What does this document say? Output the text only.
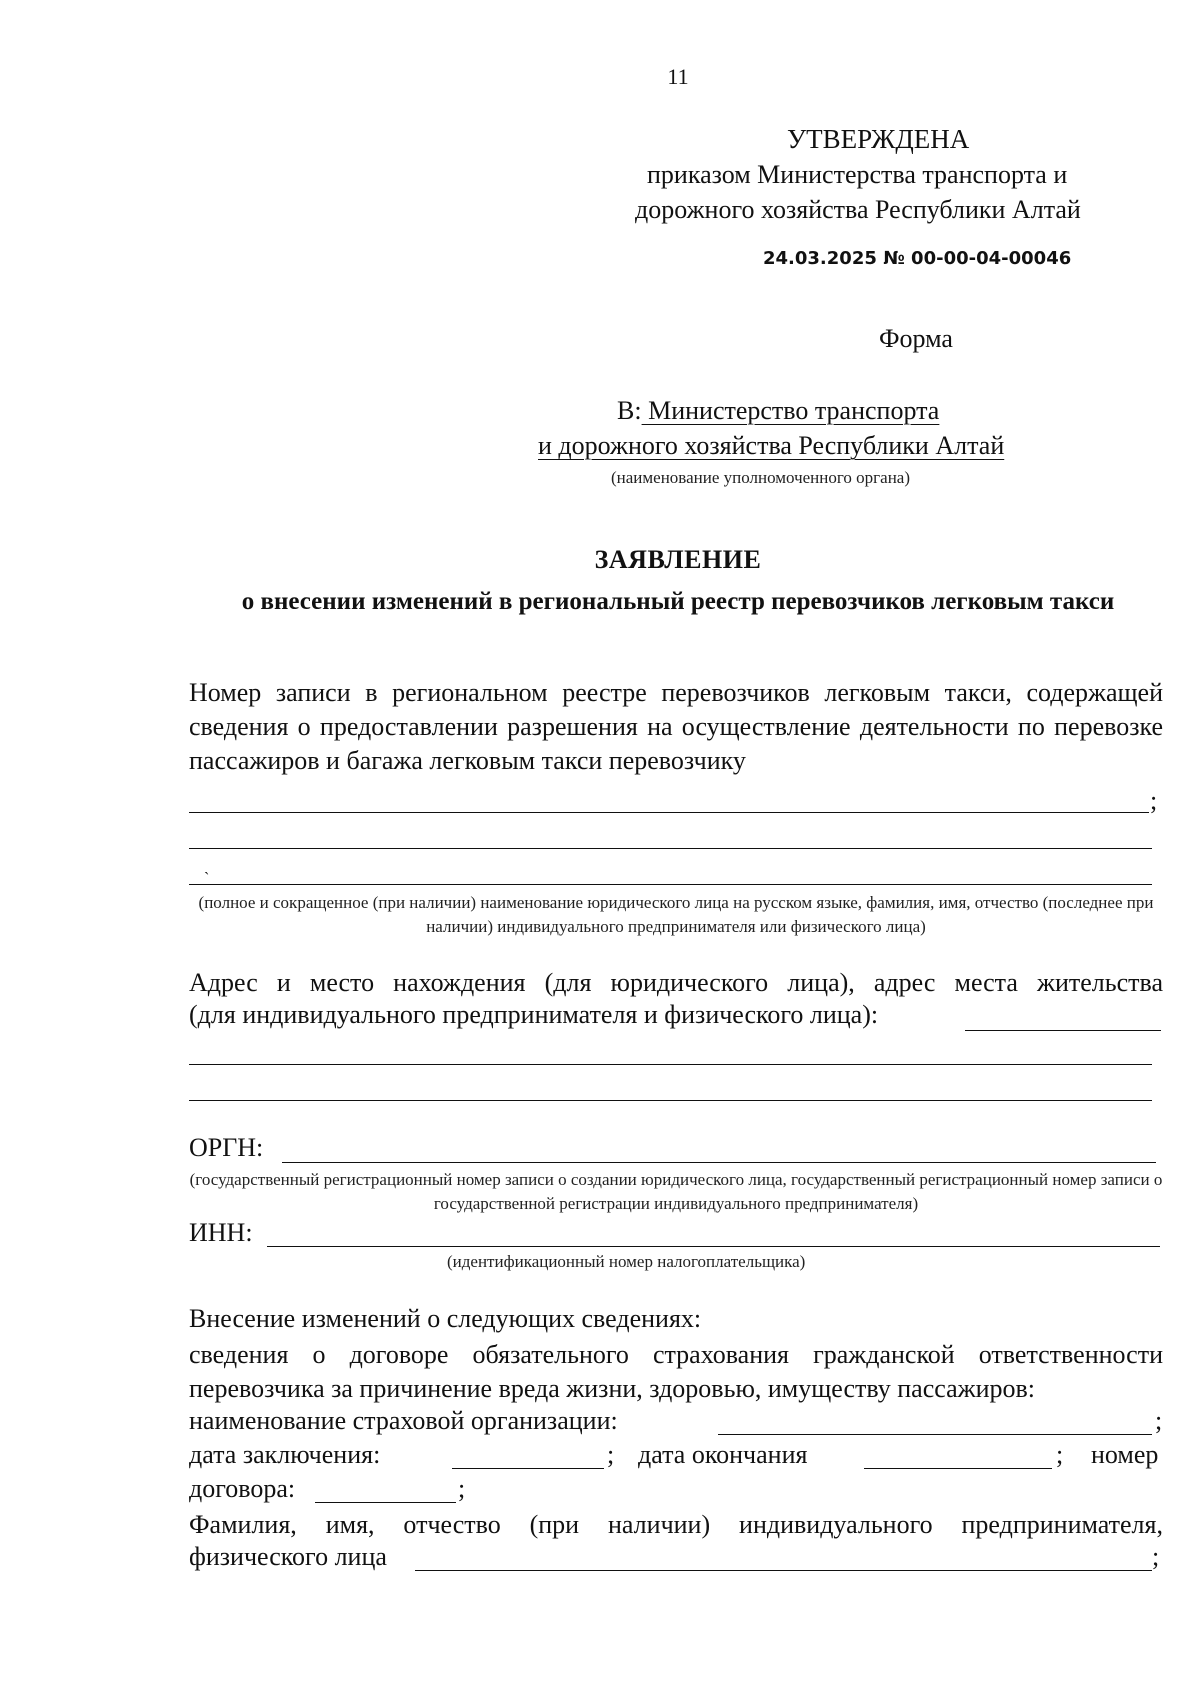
11
УТВЕРЖДЕНА
приказом Министерства транспорта и
дорожного хозяйства Республики Алтай
24.03.2025 № 00-00-04-00046
Форма
В: Министерство транспорта
и дорожного хозяйства Республики Алтай
(наименование уполномоченного органа)
ЗАЯВЛЕНИЕ
о внесении изменений в региональный реестр перевозчиков легковым такси
Номер записи в региональном реестре перевозчиков легковым такси, содержащей сведения о предоставлении разрешения на осуществление деятельности по перевозке пассажиров и багажа легковым такси перевозчику
;
ˎ
(полное и сокращенное (при наличии) наименование юридического лица на русском языке, фамилия, имя, отчество (последнее при наличии) индивидуального предпринимателя или физического лица)
Адрес и место нахождения (для юридического лица), адрес места жительства
(для индивидуального предпринимателя и физического лица):
ОРГН:
(государственный регистрационный номер записи о создании юридического лица, государственный регистрационный номер записи о государственной регистрации индивидуального предпринимателя)
ИНН:
(идентификационный номер налогоплательщика)
Внесение изменений о следующих сведениях:
сведения о договоре обязательного страхования гражданской ответственности перевозчика за причинение вреда жизни, здоровью, имуществу пассажиров:
наименование страховой организации:	;
дата заключения:	; дата окончания	; номер
договора:	;
Фамилия, имя, отчество (при наличии) индивидуального предпринимателя,
физического лица	;
